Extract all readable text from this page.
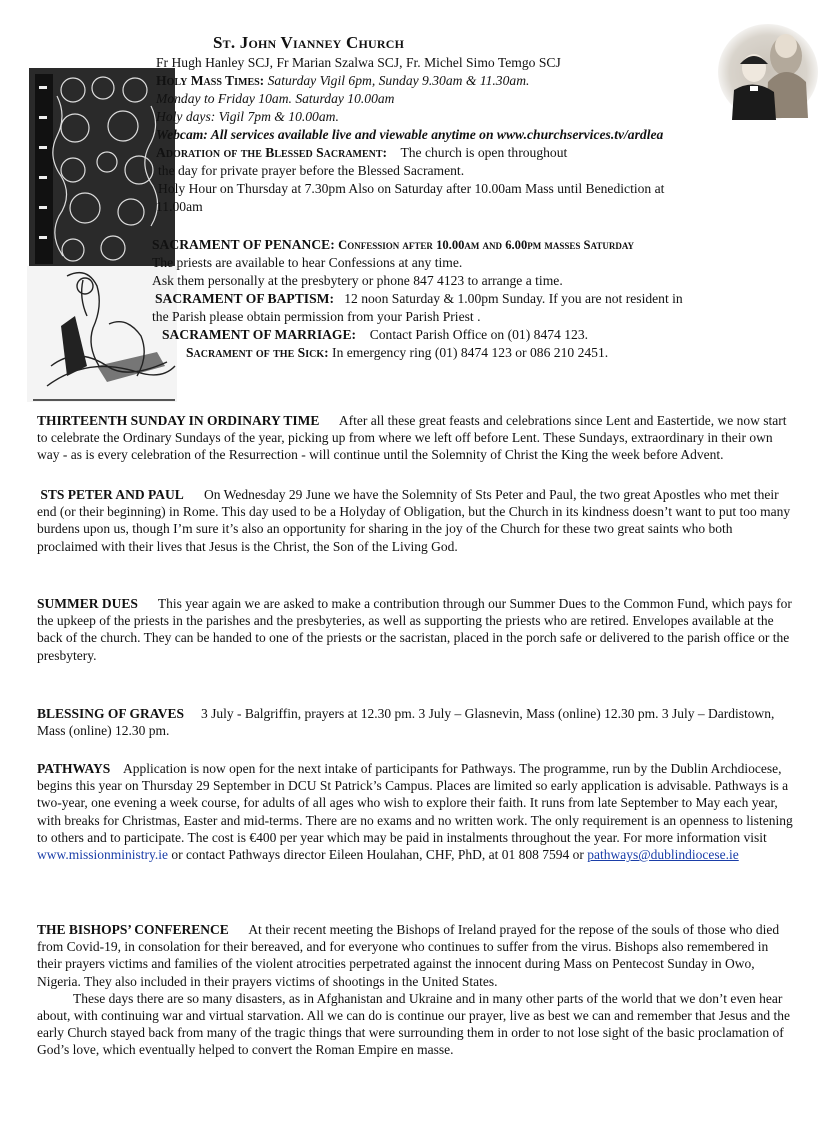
St. John Vianney Church
Fr Hugh Hanley SCJ, Fr Marian Szalwa SCJ, Fr. Michel Simo Temgo SCJ
Holy Mass Times: Saturday Vigil 6pm, Sunday 9.30am & 11.30am.
Monday to Friday 10am. Saturday 10.00am
Holy days: Vigil 7pm & 10.00am.
Webcam: All services available live and viewable anytime on www.churchservices.tv/ardlea
Adoration of the Blessed Sacrament: The church is open throughout
the day for private prayer before the Blessed Sacrament.
Holy Hour on Thursday at 7.30pm Also on Saturday after 10.00am Mass until Benediction at
11.00am
SACRAMENT OF PENANCE: Confession after 10.00am and 6.00pm masses Saturday
The priests are available to hear Confessions at any time.
Ask them personally at the presbytery or phone 847 4123 to arrange a time.
SACRAMENT OF BAPTISM: 12 noon Saturday & 1.00pm Sunday. If you are not resident in
the Parish please obtain permission from your Parish Priest .
SACRAMENT OF MARRIAGE: Contact Parish Office on (01) 8474 123.
Sacrament of the Sick: In emergency ring (01) 8474 123 or 086 210 2451.
THIRTEENTH SUNDAY IN ORDINARY TIME After all these great feasts and celebrations since Lent and Eastertide, we now start to celebrate the Ordinary Sundays of the year, picking up from where we left off before Lent. These Sundays, extraordinary in their own way - as is every celebration of the Resurrection - will continue until the Solemnity of Christ the King the week before Advent.
STS PETER AND PAUL On Wednesday 29 June we have the Solemnity of Sts Peter and Paul, the two great Apostles who met their end (or their beginning) in Rome. This day used to be a Holyday of Obligation, but the Church in its kindness doesn’t want to put too many burdens upon us, though I’m sure it’s also an opportunity for sharing in the joy of the Church for these two great saints who both proclaimed with their lives that Jesus is the Christ, the Son of the Living God.
SUMMER DUES This year again we are asked to make a contribution through our Summer Dues to the Common Fund, which pays for the upkeep of the priests in the parishes and the presbyteries, as well as supporting the priests who are retired. Envelopes available at the back of the church. They can be handed to one of the priests or the sacristan, placed in the porch safe or delivered to the parish office or the presbytery.
BLESSING OF GRAVES 3 July - Balgriffin, prayers at 12.30 pm. 3 July – Glasnevin, Mass (online) 12.30 pm. 3 July – Dardistown, Mass (online) 12.30 pm.
PATHWAYS Application is now open for the next intake of participants for Pathways. The programme, run by the Dublin Archdiocese, begins this year on Thursday 29 September in DCU St Patrick’s Campus. Places are limited so early application is advisable. Pathways is a two-year, one evening a week course, for adults of all ages who wish to explore their faith. It runs from late September to May each year, with breaks for Christmas, Easter and mid-terms. There are no exams and no written work. The only requirement is an openness to listening to others and to participate. The cost is €400 per year which may be paid in instalments throughout the year. For more information visit www.missionministry.ie or contact Pathways director Eileen Houlahan, CHF, PhD, at 01 808 7594 or pathways@dublindiocese.ie
THE BISHOPS’ CONFERENCE At their recent meeting the Bishops of Ireland prayed for the repose of the souls of those who died from Covid-19, in consolation for their bereaved, and for everyone who continues to suffer from the virus. Bishops also remembered in their prayers victims and families of the violent atrocities perpetrated against the innocent during Mass on Pentecost Sunday in Owo, Nigeria. They also included in their prayers victims of shootings in the United States.
These days there are so many disasters, as in Afghanistan and Ukraine and in many other parts of the world that we don’t even hear about, with continuing war and virtual starvation. All we can do is continue our prayer, live as best we can and remember that Jesus and the early Church stayed back from many of the tragic things that were surrounding them in order to not lose sight of the basic proclamation of God’s love, which eventually helped to convert the Roman Empire en masse.
